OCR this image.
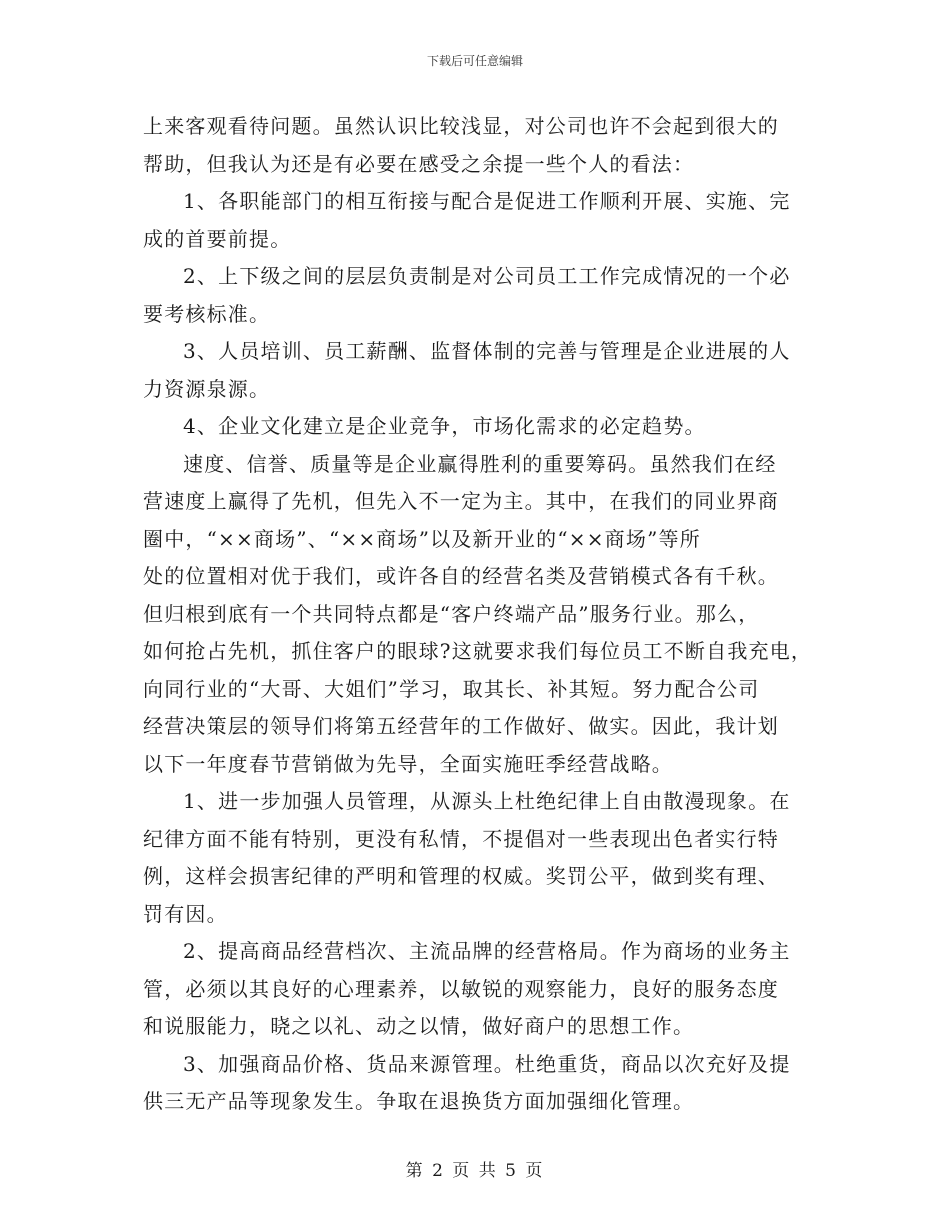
下载后可任意编辑
上来客观看待问题。虽然认识比较浅显，对公司也许不会起到很大的
帮助，但我认为还是有必要在感受之余提一些个人的看法：
1、各职能部门的相互衔接与配合是促进工作顺利开展、实施、完
成的首要前提。
2、上下级之间的层层负责制是对公司员工工作完成情况的一个必
要考核标准。
3、人员培训、员工薪酬、监督体制的完善与管理是企业进展的人
力资源泉源。
4、企业文化建立是企业竞争，市场化需求的必定趋势。
速度、信誉、质量等是企业赢得胜利的重要筹码。虽然我们在经
营速度上赢得了先机，但先入不一定为主。其中，在我们的同业界商
圈中，“××商场”、“××商场”以及新开业的“××商场”等所
处的位置相对优于我们，或许各自的经营名类及营销模式各有千秋。
但归根到底有一个共同特点都是“客户终端产品”服务行业。那么，
如何抢占先机，抓住客户的眼球?这就要求我们每位员工不断自我充电，
向同行业的“大哥、大姐们”学习，取其长、补其短。努力配合公司
经营决策层的领导们将第五经营年的工作做好、做实。因此，我计划
以下一年度春节营销做为先导，全面实施旺季经营战略。
1、进一步加强人员管理，从源头上杜绝纪律上自由散漫现象。在
纪律方面不能有特别，更没有私情，不提倡对一些表现出色者实行特
例，这样会损害纪律的严明和管理的权威。奖罚公平，做到奖有理、
罚有因。
2、提高商品经营档次、主流品牌的经营格局。作为商场的业务主
管，必须以其良好的心理素养，以敏锐的观察能力，良好的服务态度
和说服能力，晓之以礼、动之以情，做好商户的思想工作。
3、加强商品价格、货品来源管理。杜绝重货，商品以次充好及提
供三无产品等现象发生。争取在退换货方面加强细化管理。
第 2 页 共 5 页
